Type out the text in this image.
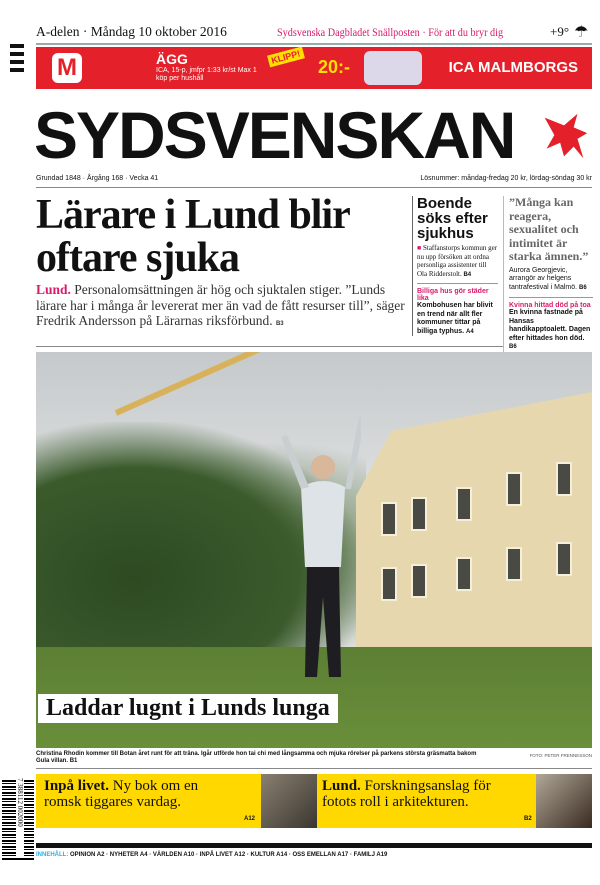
A-delen · Måndag 10 oktober 2016	Sydsvenska Dagbladet Snällposten · För att du bryr dig	+9° ☂
M	ÄGG
ICA, 15-p, jmfpr 1:33 kr/st Max 1 köp per hushåll
KLIPP! 20:-	ICA MALMBORGS
SYDSVENSKAN
Grundad 1848 · Årgång 168 · Vecka 41	Lösnummer: måndag-fredag 20 kr, lördag-söndag 30 kr
Lärare i Lund blir oftare sjuka
Lund. Personalomsättningen är hög och sjuktalen stiger. ”Lunds lärare har i många år levererat mer än vad de fått resurser till”, säger Fredrik Andersson på Lärarnas riksförbund. B3
Boende söks efter sjukhus
■ Staffanstorps kommun ger nu upp försöken att ordna personliga assistenter till Ola Ridderstolt. B4
Billiga hus gör städer lika
Kombohusen har blivit en trend när allt fler kommuner tittar på billiga typhus. A4
”Många kan reagera, sexualitet och intimitet är starka ämnen.”
Aurora Georgjevic, arrangör av helgens tantrafestival i Malmö. B6
Kvinna hittad död på toa
En kvinna fastnade på Hansas handikapptoalett. Dagen efter hittades hon död. B6
Laddar lugnt i Lunds lunga
Christina Rhodin kommer till Botan året runt för att träna. Igår utförde hon tai chi med långsamma och mjuka rörelser på parkens största gräsmatta bakom Gula villan. B1
FOTO: PETER FRENNESSON
Inpå livet. Ny bok om en romsk tiggares vardag.
A12
Lund. Forskningsanslag för fotots roll i arkitekturen.
B2
7 388112 002000
INNEHÅLL: OPINION A2 · NYHETER A4 · VÄRLDEN A10 · INPÅ LIVET A12 · KULTUR A14 · OSS EMELLAN A17 · FAMILJ A19
